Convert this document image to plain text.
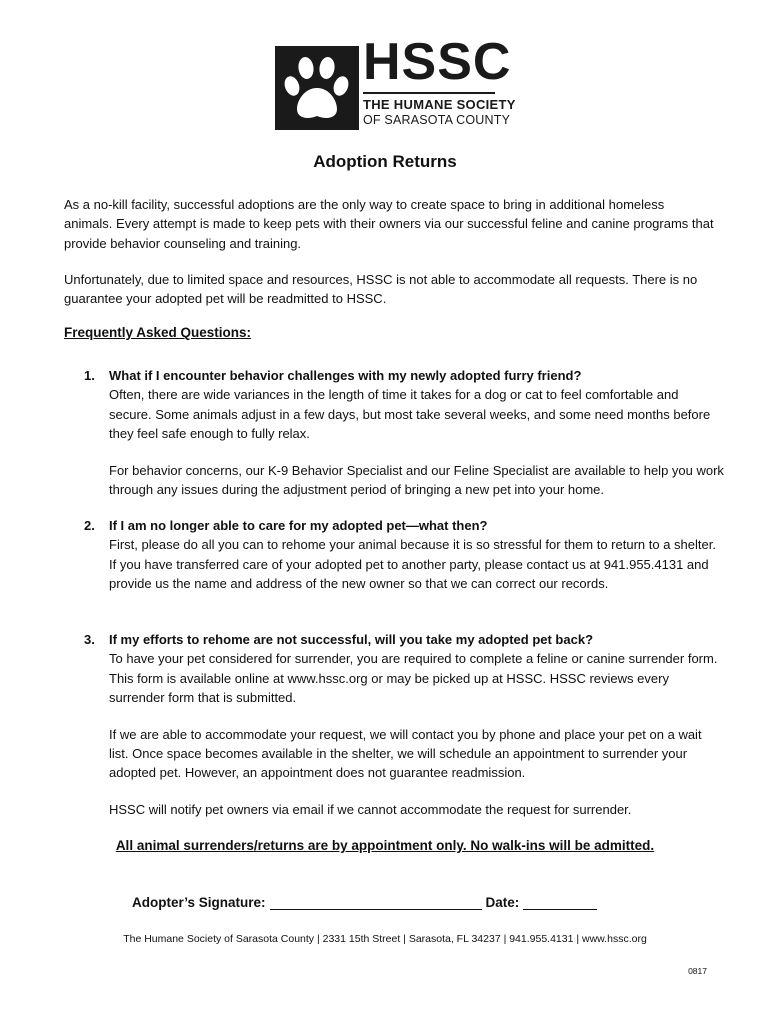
HSSC
THE HUMANE SOCIETY
OF SARASOTA COUNTY
Adoption Returns

As a no-kill facility, successful adoptions are the only way to create space to bring in additional homeless animals. Every attempt is made to keep pets with their owners via our successful feline and canine programs that provide behavior counseling and training.

Unfortunately, due to limited space and resources, HSSC is not able to accommodate all requests. There is no guarantee your adopted pet will be readmitted to HSSC.

Frequently Asked Questions:
1. What if I encounter behavior challenges with my newly adopted furry friend?
Often, there are wide variances in the length of time it takes for a dog or cat to feel comfortable and secure. Some animals adjust in a few days, but most take several weeks, and some need months before they feel safe enough to fully relax.
For behavior concerns, our K-9 Behavior Specialist and our Feline Specialist are available to help you work through any issues during the adjustment period of bringing a new pet into your home.
2. If I am no longer able to care for my adopted pet—what then?
First, please do all you can to rehome your animal because it is so stressful for them to return to a shelter. If you have transferred care of your adopted pet to another party, please contact us at 941.955.4131 and provide us the name and address of the new owner so that we can correct our records.
3. If my efforts to rehome are not successful, will you take my adopted pet back?
To have your pet considered for surrender, you are required to complete a feline or canine surrender form. This form is available online at www.hssc.org or may be picked up at HSSC. HSSC reviews every surrender form that is submitted.
If we are able to accommodate your request, we will contact you by phone and place your pet on a wait list. Once space becomes available in the shelter, we will schedule an appointment to surrender your adopted pet. However, an appointment does not guarantee readmission.
HSSC will notify pet owners via email if we cannot accommodate the request for surrender.
All animal surrenders/returns are by appointment only. No walk-ins will be admitted.
Adopter’s Signature:	Date:
The Humane Society of Sarasota County | 2331 15th Street | Sarasota, FL 34237 | 941.955.4131 | www.hssc.org
0817
